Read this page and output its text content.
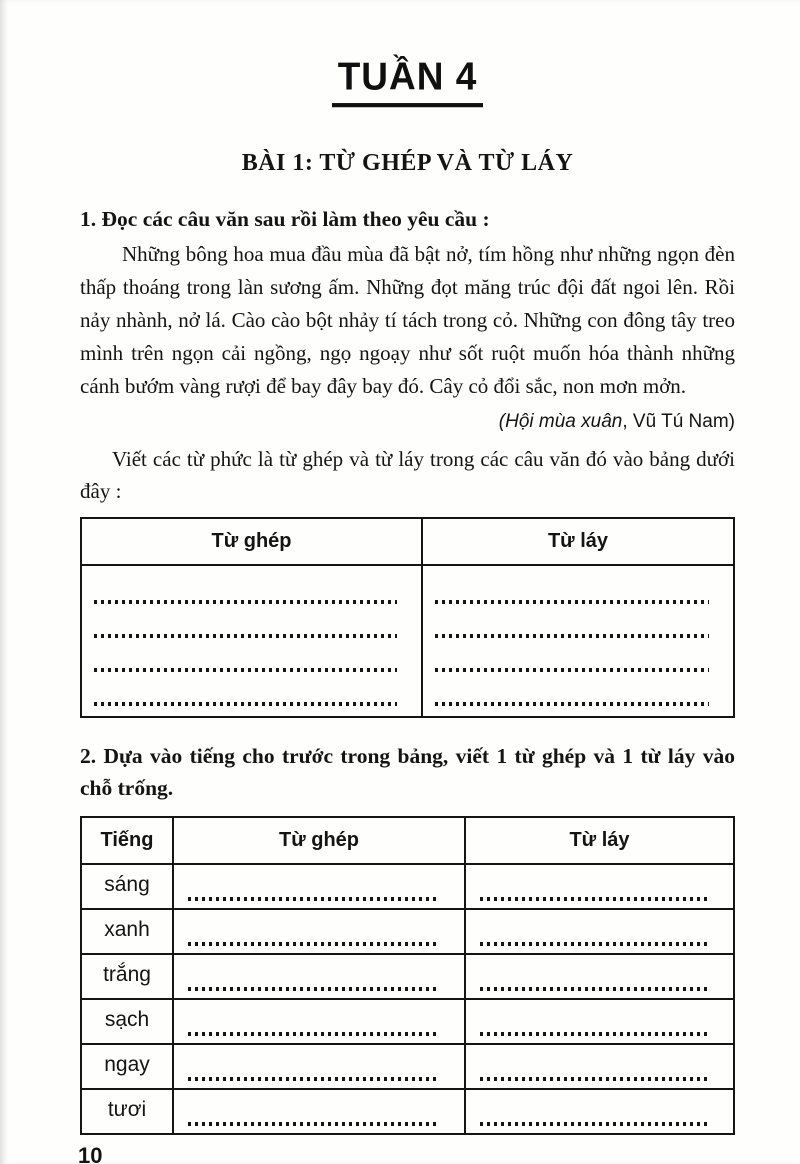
TUẦN 4
BÀI 1: TỪ GHÉP VÀ TỪ LÁY
1. Đọc các câu văn sau rồi làm theo yêu cầu :

Những bông hoa mua đầu mùa đã bật nở, tím hồng như những ngọn đèn thấp thoáng trong làn sương ấm. Những đọt măng trúc đội đất ngoi lên. Rồi nảy nhành, nở lá. Cào cào bột nhảy tí tách trong cỏ. Những con đông tây treo mình trên ngọn cải ngồng, ngọ ngoạy như sốt ruột muốn hóa thành những cánh bướm vàng rượi để bay đây bay đó. Cây cỏ đổi sắc, non mơn mởn.

(Hội mùa xuân, Vũ Tú Nam)
Viết các từ phức là từ ghép và từ láy trong các câu văn đó vào bảng dưới đây :
Từ ghép	Từ láy

2. Dựa vào tiếng cho trước trong bảng, viết 1 từ ghép và 1 từ láy vào chỗ trống.
Tiếng	Từ ghép	Từ láy
sáng		
xanh		
trắng		
sạch		
ngay		
tươi		
10
